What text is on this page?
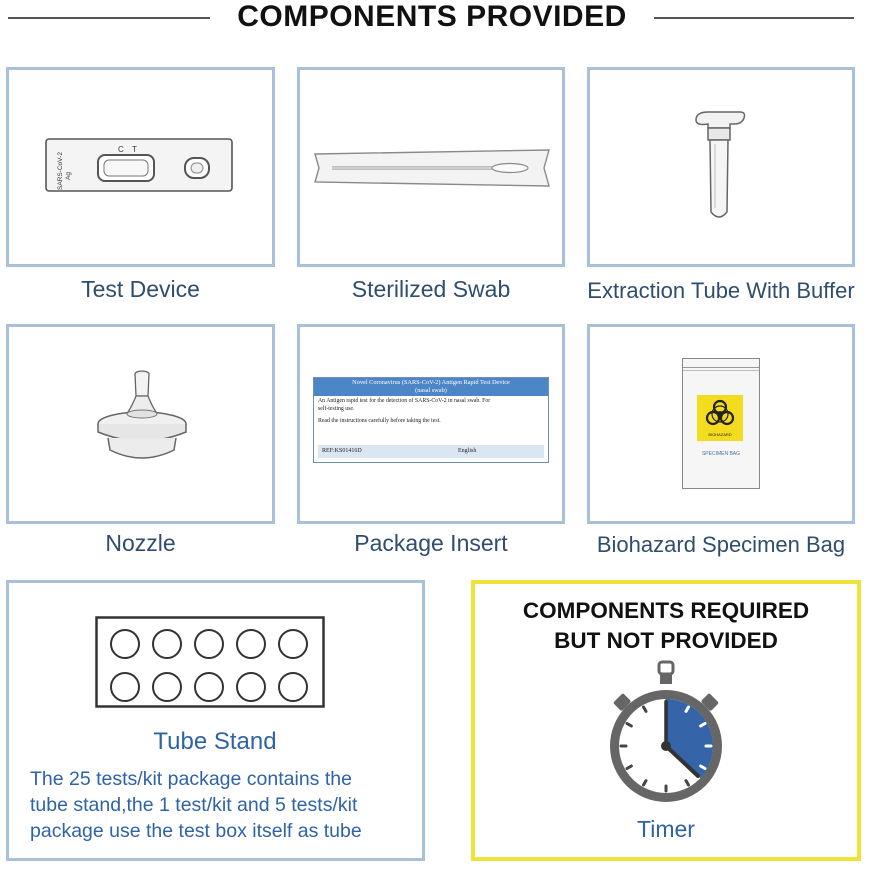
COMPONENTS PROVIDED
C T
SARS-CoV-2 Ag
Test Device	Sterilized Swab	Extraction Tube With Buffer
Nozzle
Novel Coronavirus (SARS-CoV-2) Antigen Rapid Test Device
(nasal swab)
An Antigen rapid test for the detection of SARS-CoV-2 in nasal swab. For
self-testing use.
Read the instructions carefully before taking the test.
REF:KS01416D	English
Package Insert
BIOHAZARD
SPECIMEN BAG
Biohazard Specimen Bag
Tube Stand
The 25 tests/kit package contains the
tube stand,the 1 test/kit and 5 tests/kit
package use the test box itself as tube
COMPONENTS REQUIRED
BUT NOT PROVIDED
Timer
